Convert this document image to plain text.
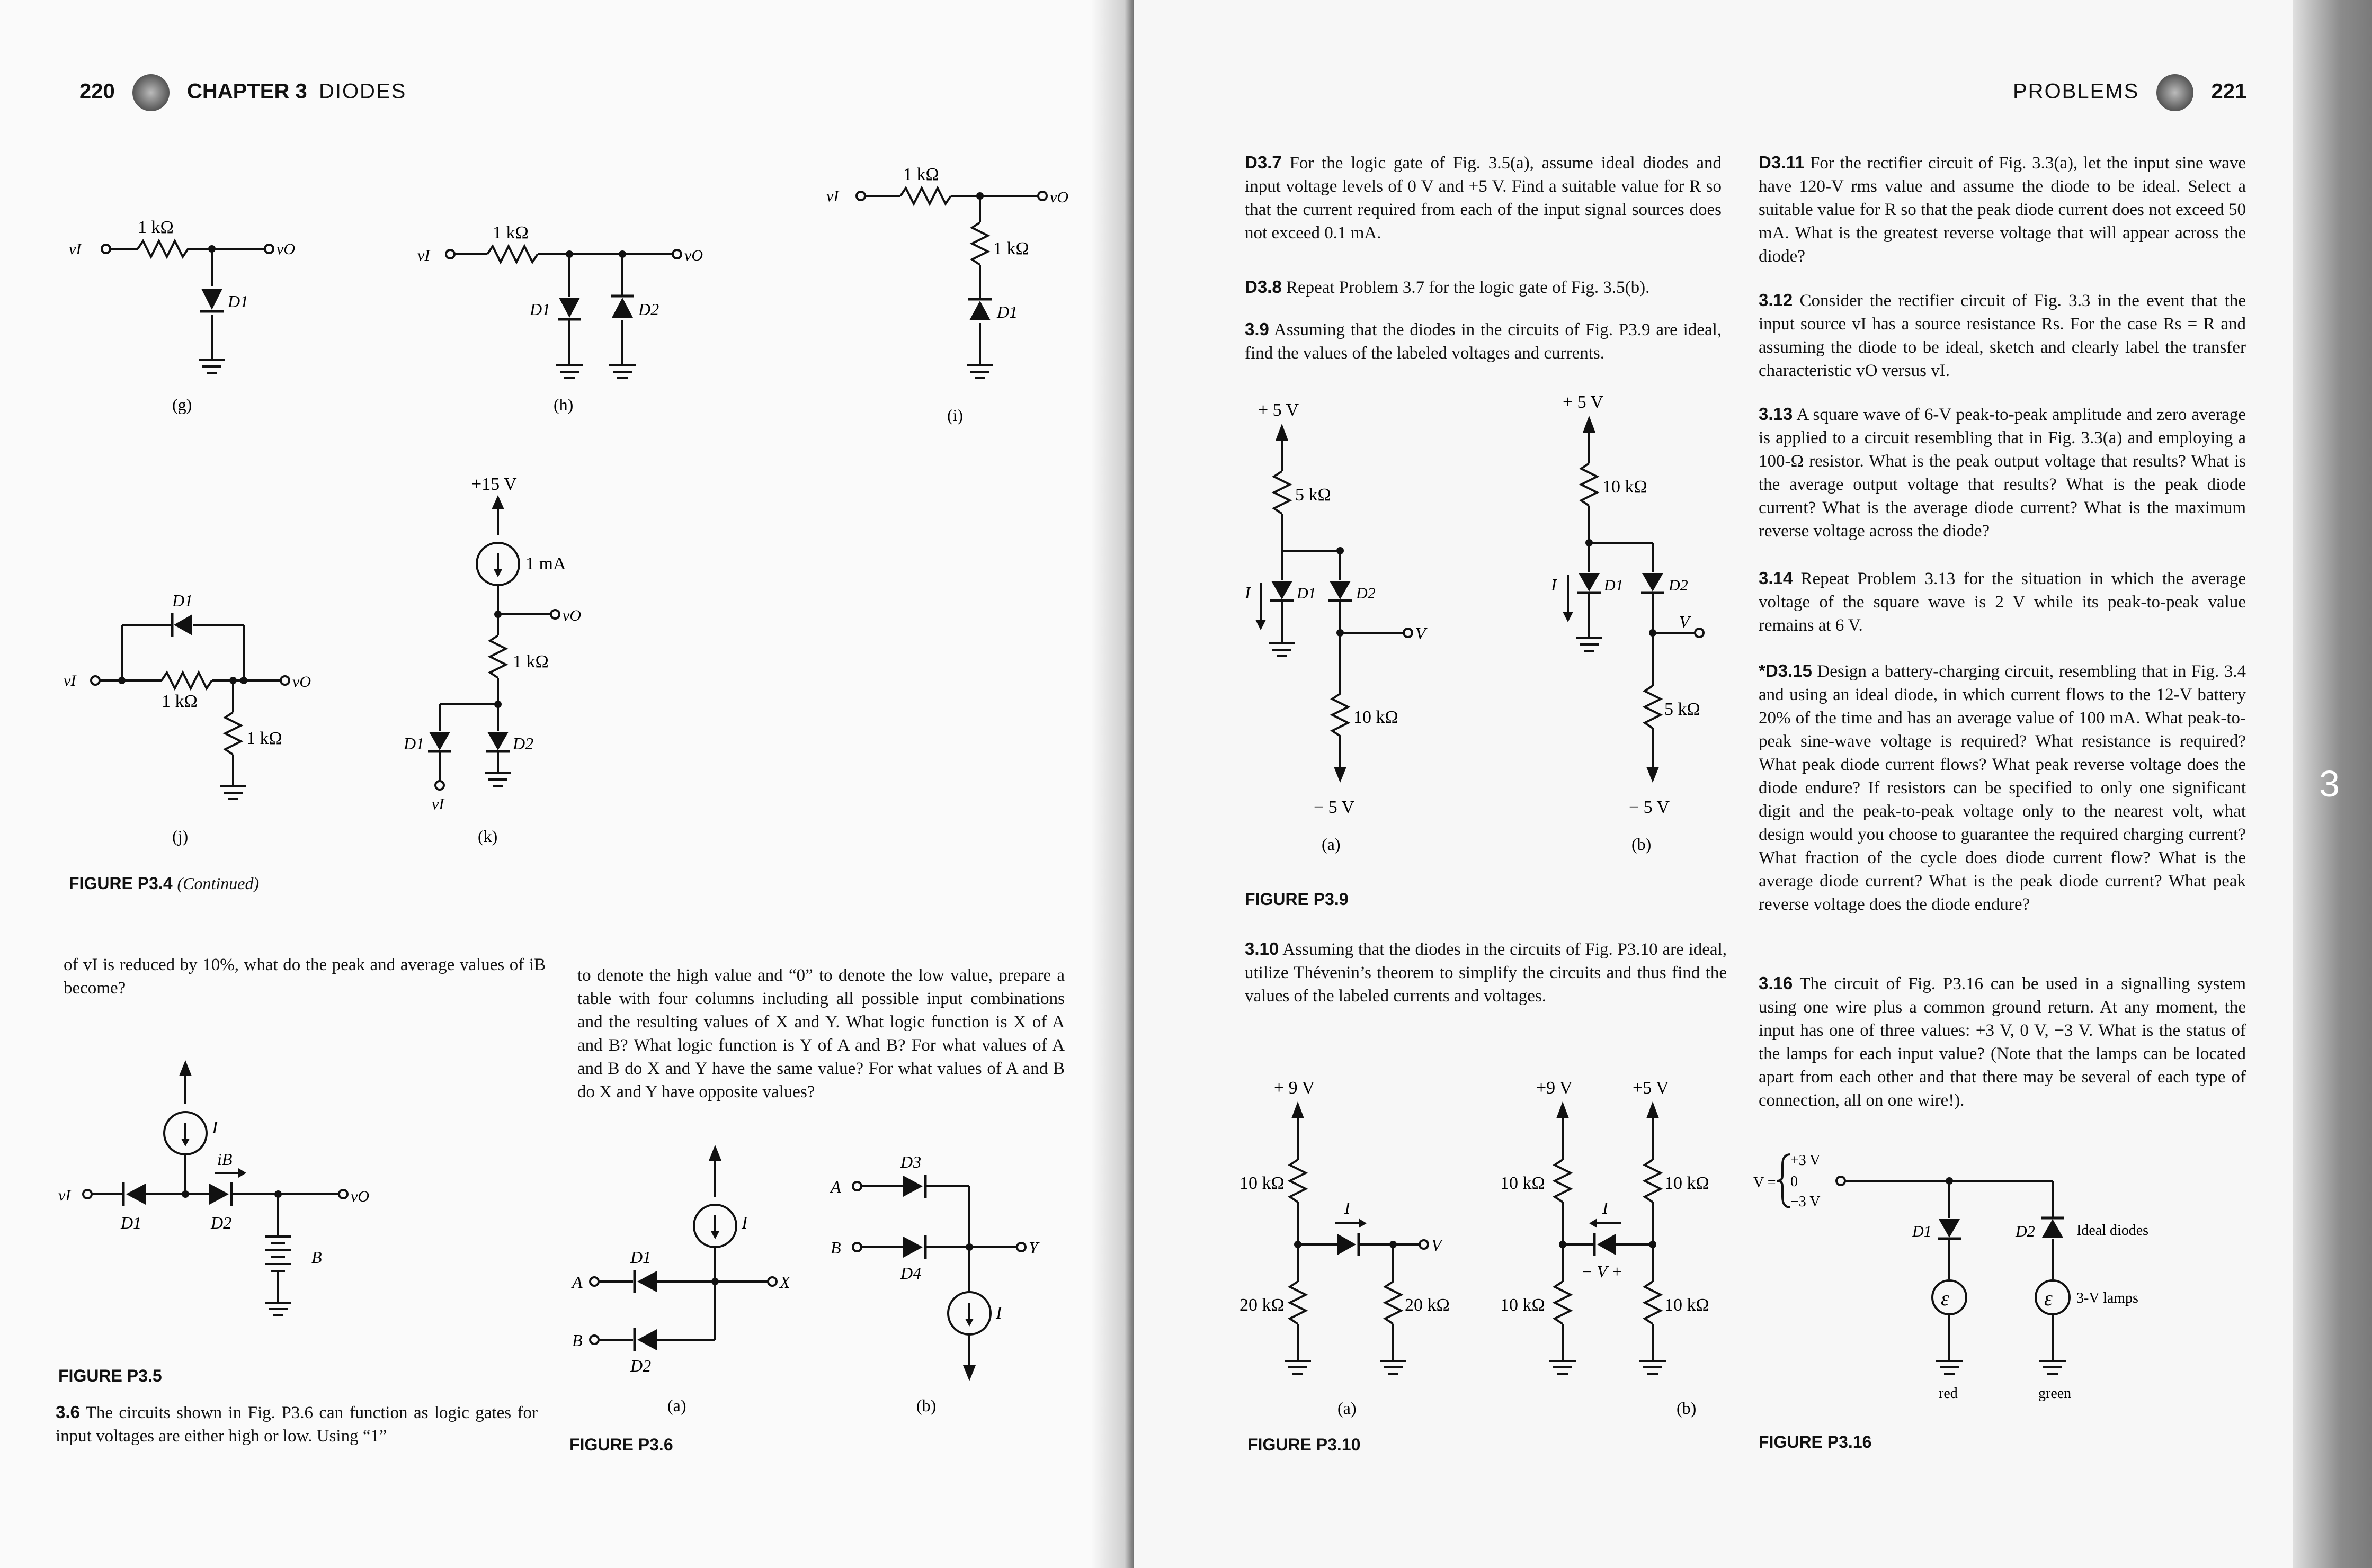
220	CHAPTER 3 DIODES
1 kΩ
vI	vO
D1
(g)
1 kΩ
vI	vO
D1	D2
(h)
1 kΩ
1 kΩ
vI	vO
D1
(i)
D1
1 kΩ
1 kΩ
vI	vO
(j)
+15 V
1 mA
vO
1 kΩ
D1	D2
vI
(k)
FIGURE P3.4 (Continued)
of vI is reduced by 10%, what do the peak and average values of iB become?
to denote the high value and “0” to denote the low value, prepare a table with four columns including all possible input combinations and the resulting values of X and Y. What logic function is X of A and B? What logic function is Y of A and B? For what values of A and B do X and Y have the same value? For what values of A and B do X and Y have opposite values?
I
iB
vI	vO
D1	D2
B
FIGURE P3.5
3.6 The circuits shown in Fig. P3.6 can function as logic gates for input voltages are either high or low. Using “1”
I
A
B
X
D1
D2
(a)
D3
D4
A
B	Y
I
(b)
FIGURE P3.6
PROBLEMS	221
D3.7 For the logic gate of Fig. 3.5(a), assume ideal diodes and input voltage levels of 0 V and +5 V. Find a suitable value for R so that the current required from each of the input signal sources does not exceed 0.1 mA.
D3.8 Repeat Problem 3.7 for the logic gate of Fig. 3.5(b).
3.9 Assuming that the diodes in the circuits of Fig. P3.9 are ideal, find the values of the labeled voltages and currents.
+ 5 V
5 kΩ
I	D1	D2
V
10 kΩ
− 5 V
(a)
+ 5 V
10 kΩ
I	D1	D2
V
5 kΩ
− 5 V
(b)
FIGURE P3.9
3.10 Assuming that the diodes in the circuits of Fig. P3.10 are ideal, utilize Thévenin’s theorem to simplify the circuits and thus find the values of the labeled currents and voltages.
+ 9 V
10 kΩ
20 kΩ	20 kΩ
I
V
(a)
+9 V	+5 V
10 kΩ	10 kΩ
10 kΩ	10 kΩ
I
− V +
(b)
FIGURE P3.10
D3.11 For the rectifier circuit of Fig. 3.3(a), let the input sine wave have 120-V rms value and assume the diode to be ideal. Select a suitable value for R so that the peak diode current does not exceed 50 mA. What is the greatest reverse voltage that will appear across the diode?
3.12 Consider the rectifier circuit of Fig. 3.3 in the event that the input source vI has a source resistance Rs. For the case Rs = R and assuming the diode to be ideal, sketch and clearly label the transfer characteristic vO versus vI.
3.13 A square wave of 6-V peak-to-peak amplitude and zero average is applied to a circuit resembling that in Fig. 3.3(a) and employing a 100-Ω resistor. What is the peak output voltage that results? What is the average output voltage that results? What is the peak diode current? What is the average diode current? What is the maximum reverse voltage across the diode?
3.14 Repeat Problem 3.13 for the situation in which the average voltage of the square wave is 2 V while its peak-to-peak value remains at 6 V.
*D3.15 Design a battery-charging circuit, resembling that in Fig. 3.4 and using an ideal diode, in which current flows to the 12-V battery 20% of the time and has an average value of 100 mA. What peak-to-peak sine-wave voltage is required? What resistance is required? What peak diode current flows? What peak reverse voltage does the diode endure? If resistors can be specified to only one significant digit and the peak-to-peak voltage only to the nearest volt, what design would you choose to guarantee the required charging current? What fraction of the cycle does diode current flow? What is the average diode current? What is the peak diode current? What peak reverse voltage does the diode endure?
3.16 The circuit of Fig. P3.16 can be used in a signalling system using one wire plus a common ground return. At any moment, the input has one of three values: +3 V, 0 V, −3 V. What is the status of the lamps for each input value? (Note that the lamps can be located apart from each other and that there may be several of each type of connection, all on one wire!).
ε	ε
V =
+3 V
0
−3 V
D1	D2	Ideal diodes
3-V lamps
red	green
FIGURE P3.16
3
